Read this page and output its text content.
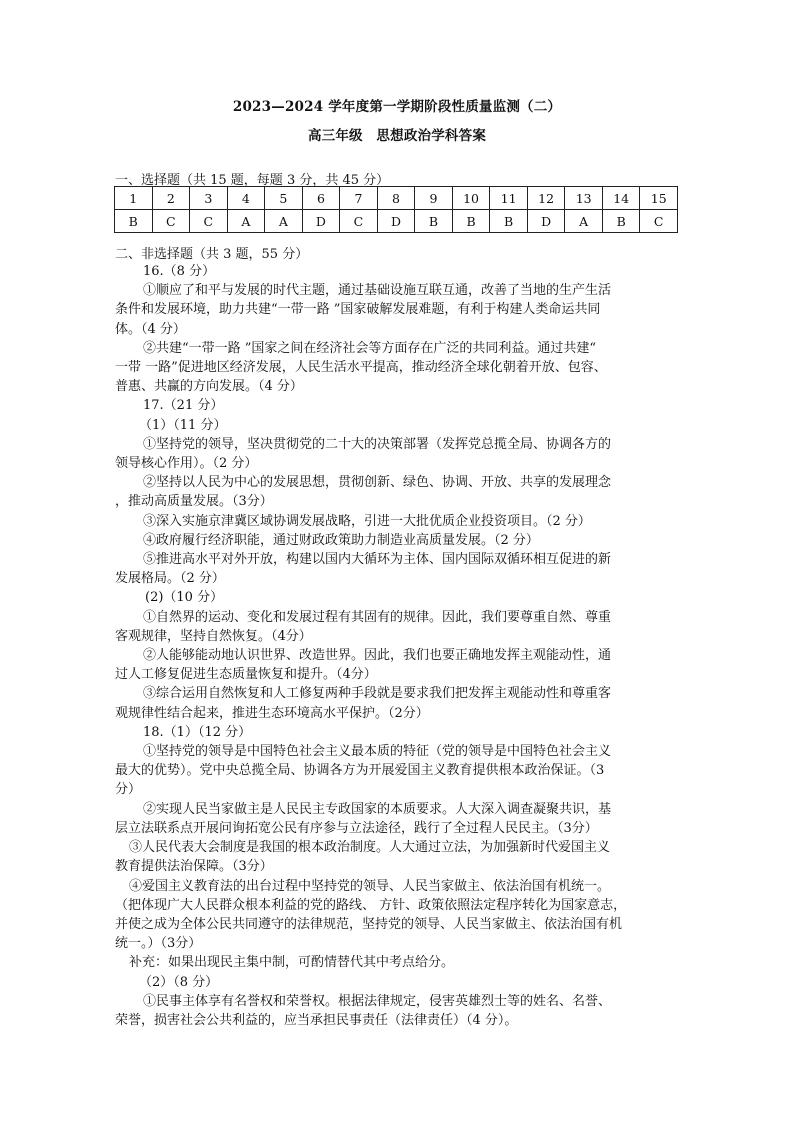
2023—2024 学年度第一学期阶段性质量监测（二）
高三年级　思想政治学科答案
一、选择题（共 15 题，每题 3 分，共 45 分）
1	2	3	4	5	6	7	8	9	10	11	12	13	14	15
B	C	C	A	A	D	C	D	B	B	B	D	A	B	C
二、非选择题（共 3 题，55 分）

16.（8 分）

①顺应了和平与发展的时代主题，通过基础设施互联互通，改善了当地的生产生活

条件和发展环境，助力共建“一带一路 ”国家破解发展难题，有利于构建人类命运共同

体。（4 分）

②共建“一带一路 ”国家之间在经济社会等方面存在广泛的共同利益。通过共建“

一带 一路”促进地区经济发展，人民生活水平提高，推动经济全球化朝着开放、包容、

普惠、共赢的方向发展。（4 分）

17.（21 分）

（1）（11 分）

①坚持党的领导，坚决贯彻党的二十大的决策部署（发挥党总揽全局、协调各方的

领导核心作用）。（2 分）

②坚持以人民为中心的发展思想，贯彻创新、绿色、协调、开放、共享的发展理念

，推动高质量发展。（3分）

③深入实施京津冀区域协调发展战略，引进一大批优质企业投资项目。（2 分）

④政府履行经济职能，通过财政政策助力制造业高质量发展。（2 分）

⑤推进高水平对外开放，构建以国内大循环为主体、国内国际双循环相互促进的新

发展格局。（2 分）

(2)（10 分）

①自然界的运动、变化和发展过程有其固有的规律。因此，我们要尊重自然、尊重

客观规律，坚持自然恢复。（4分）

②人能够能动地认识世界、改造世界。因此，我们也要正确地发挥主观能动性，通

过人工修复促进生态质量恢复和提升。（4分）

③综合运用自然恢复和人工修复两种手段就是要求我们把发挥主观能动性和尊重客

观规律性结合起来，推进生态环境高水平保护。（2分）

18.（1）（12 分）

①坚持党的领导是中国特色社会主义最本质的特征（党的领导是中国特色社会主义

最大的优势）。党中央总揽全局、协调各方为开展爱国主义教育提供根本政治保证。（3

分）

②实现人民当家做主是人民民主专政国家的本质要求。人大深入调查凝聚共识，基

层立法联系点开展问询拓宽公民有序参与立法途径，践行了全过程人民民主。（3分）

③人民代表大会制度是我国的根本政治制度。人大通过立法，为加强新时代爱国主义

教育提供法治保障。（3分）

④爱国主义教育法的出台过程中坚持党的领导、人民当家做主、依法治国有机统一。

（把体现广大人民群众根本利益的党的路线、 方针、政策依照法定程序转化为国家意志，

并使之成为全体公民共同遵守的法律规范，坚持党的领导、人民当家做主、依法治国有机

统一。）（3分）

补充：如果出现民主集中制，可酌情替代其中考点给分。

（2）（8 分）

①民事主体享有名誉权和荣誉权。根据法律规定，侵害英雄烈士等的姓名、名誉、

荣誉，损害社会公共利益的，应当承担民事责任（法律责任）（4 分）。
